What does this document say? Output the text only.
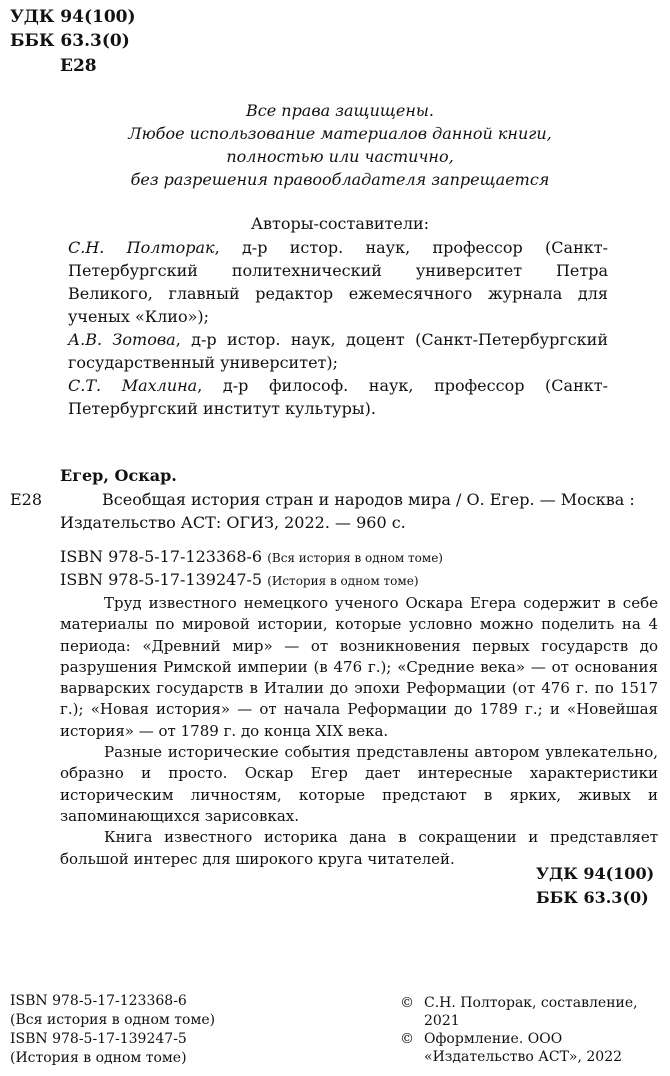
УДК 94(100)
ББК 63.3(0)
Е28
Все права защищены.
Любое использование материалов данной книги,
полностью или частично,
без разрешения правообладателя запрещается
Авторы-составители:

С.Н. Полторак, д-р истор. наук, профессор (Санкт-Петербургский политехнический университет Петра Великого, главный редактор ежемесячного журнала для ученых «Клио»);

А.В. Зотова, д-р истор. наук, доцент (Санкт-Петербургский государственный университет);

С.Т. Махлина, д-р философ. наук, профессор (Санкт-Петербургский институт культуры).

Егер, Оскар.
Е28	Всеобщая история стран и народов мира / О. Егер. — Москва :
Издательство АСТ: ОГИЗ, 2022. — 960 с.
ISBN 978-5-17-123368-6 (Вся история в одном томе)
ISBN 978-5-17-139247-5 (История в одном томе)

Труд известного немецкого ученого Оскара Егера содержит в себе материалы по мировой истории, которые условно можно поделить на 4 периода: «Древний мир» — от возникновения первых государств до разрушения Римской империи (в 476 г.); «Средние века» — от основания варварских государств в Италии до эпохи Реформации (от 476 г. по 1517 г.); «Новая история» — от начала Реформации до 1789 г.; и «Новейшая история» — от 1789 г. до конца XIX века.

Разные исторические события представлены автором увлекательно, образно и просто. Оскар Егер дает интересные характеристики историческим личностям, которые предстают в ярких, живых и запоминающихся зарисовках.

Книга известного историка дана в сокращении и представляет большой интерес для широкого круга читателей.

УДК 94(100)
ББК 63.3(0)
ISBN 978-5-17-123368-6
(Вся история в одном томе)
ISBN 978-5-17-139247-5
(История в одном томе)
© С.Н. Полторак, составление, 2021
© Оформление. ООО «Издательство АСТ», 2022
